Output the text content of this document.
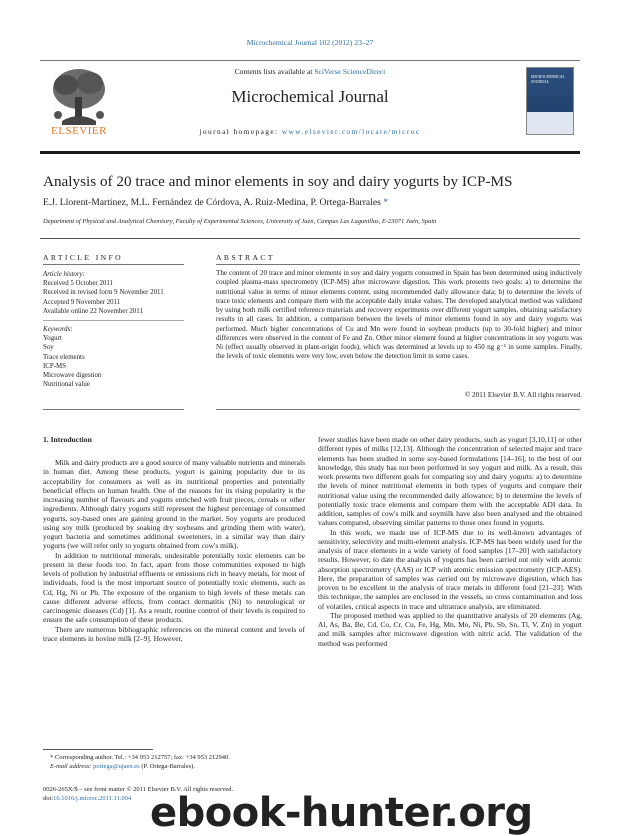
Microchemical Journal 102 (2012) 23–27
ELSEVIER
Contents lists available at SciVerse ScienceDirect
Microchemical Journal
journal homepage: www.elsevier.com/locate/microc
MICROCHEMICAL JOURNAL
Analysis of 20 trace and minor elements in soy and dairy yogurts by ICP-MS
E.J. Llorent-Martínez, M.L. Fernández de Córdova, A. Ruiz-Medina, P. Ortega-Barrales *
Department of Physical and Analytical Chemistry, Faculty of Experimental Sciences, University of Jaén, Campus Las Lagunillas, E-23071 Jaén, Spain
ARTICLE INFO
Article history:
Received 5 October 2011
Received in revised form 9 November 2011
Accepted 9 November 2011
Available online 22 November 2011
Keywords:
Yogurt
Soy
Trace elements
ICP-MS
Microwave digestion
Nutritional value
ABSTRACT
The content of 20 trace and minor elements in soy and dairy yogurts consumed in Spain has been determined using inductively coupled plasma-mass spectrometry (ICP-MS) after microwave digestion. This work presents two goals: a) to determine the nutritional value in terms of minor elements content, using recommended daily allowance data; b) to determine the levels of trace toxic elements and compare them with the acceptable daily intake values. The developed analytical method was validated by using both milk certified reference materials and recovery experiments over different yogurt samples, obtaining satisfactory results in all cases. In addition, a comparison between the levels of minor elements found in soy and dairy yogurts was performed. Much higher concentrations of Cu and Mn were found in soybean products (up to 30-fold higher) and minor differences were observed in the content of Fe and Zn. Other minor element found at higher concentrations in soy yogurts was Ni (effect usually observed in plant-origin foods), which was determined at levels up to 450 ng g⁻¹ in some samples. Finally, the levels of toxic elements were very low, even below the detection limit in some cases.
© 2011 Elsevier B.V. All rights reserved.
1. Introduction

Milk and dairy products are a good source of many valuable nutrients and minerals in human diet. Among these products, yogurt is gaining popularity due to its acceptability for consumers as well as its nutritional properties and potentially beneficial effects on human health. One of the reasons for its rising popularity is the increasing number of flavours and yogurts enriched with fruit pieces, cereals or other ingredients. Although dairy yogurts still represent the highest percentage of consumed yogurts, soy-based ones are gaining ground in the market. Soy yogurts are produced using soy milk (produced by soaking dry soybeans and grinding them with water), yogurt bacteria and sometimes additional sweeteners, in a similar way than dairy yogurts (we will refer only to yogurts obtained from cow's milk).

In addition to nutritional minerals, undesirable potentially toxic elements can be present in these foods too. In fact, apart from those communities exposed to high levels of pollution by industrial effluents or emissions rich in heavy metals, for most of individuals, food is the most important source of potentially toxic elements, such as Cd, Hg, Ni or Pb. The exposure of the organism to high levels of these metals can cause different adverse effects, from contact dermatitis (Ni) to neurological or carcinogenic diseases (Cd) [1]. As a result, routine control of their levels is required to ensure the safe consumption of these products.

There are numerous bibliographic references on the mineral content and levels of trace elements in bovine milk [2–9]. However,

fewer studies have been made on other dairy products, such as yogurt [3,10,11] or other different types of milks [12,13]. Although the concentration of selected major and trace elements has been studied in some soy-based formulations [14–16], to the best of our knowledge, this study has not been performed in soy yogurt and milk. As a result, this work presents two different goals for comparing soy and dairy yogurts: a) to determine the levels of minor nutritional elements in both types of yogurts and compare their nutritional value using the recommended daily allowance; b) to determine the levels of potentially toxic trace elements and compare them with the acceptable ADI data. In addition, samples of cow's milk and soymilk have also been analysed and the obtained values compared, observing similar patterns to those ones found in yogurts.

In this work, we made use of ICP-MS due to its well-known advantages of sensitivity, selectivity and multi-element analysis. ICP-MS has been widely used for the analysis of trace elements in a wide variety of food samples [17–20] with satisfactory results. However, to date the analysis of yogurts has been carried out only with atomic absorption spectrometry (AAS) or ICP with atomic emission spectrometry (ICP-AES). Here, the preparation of samples was carried out by microwave digestion, which has proven to be excellent in the analysis of trace metals in different food [21–23]. With this technique, the samples are enclosed in the vessels, so cross contamination and loss of volatiles, critical aspects in trace and ultratrace analysis, are eliminated.

The proposed method was applied to the quantitative analysis of 20 elements (Ag, Al, As, Ba, Be, Cd, Co, Cr, Cu, Fe, Hg, Mn, Mo, Ni, Pb, Sb, Sn, Tl, V, Zn) in yogurt and milk samples after microwave digestion with nitric acid. The validation of the method was performed

* Corresponding author. Tel.: +34 953 212757; fax: +34 953 212940.
E-mail address: portega@ujaen.es (P. Ortega-Barrales).
0026-265X/$ – see front matter © 2011 Elsevier B.V. All rights reserved.
doi:10.1016/j.microc.2011.11.004 ebook-hunter.org
